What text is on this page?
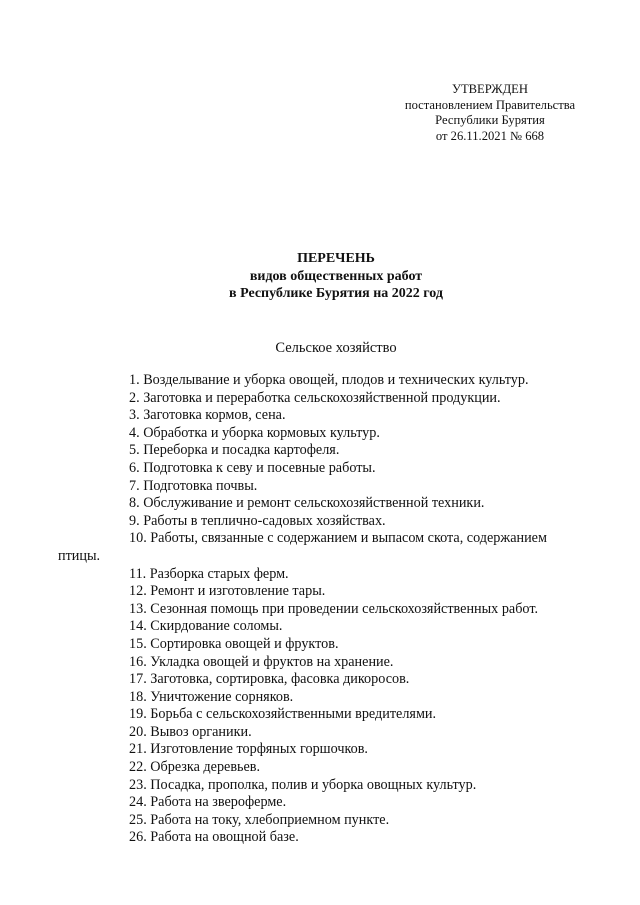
УТВЕРЖДЕН
постановлением Правительства
Республики Бурятия
от 26.11.2021 № 668
ПЕРЕЧЕНЬ
видов общественных работ
в Республике Бурятия на 2022 год
Сельское хозяйство

1. Возделывание и уборка овощей, плодов и технических культур.

2. Заготовка и переработка сельскохозяйственной продукции.

3. Заготовка кормов, сена.

4. Обработка и уборка кормовых культур.

5. Переборка и посадка картофеля.

6. Подготовка к севу и посевные работы.

7. Подготовка почвы.

8. Обслуживание и ремонт сельскохозяйственной техники.

9. Работы в теплично-садовых хозяйствах.

10. Работы, связанные с содержанием и выпасом скота, содержанием птицы.

11. Разборка старых ферм.

12. Ремонт и изготовление тары.

13. Сезонная помощь при проведении сельскохозяйственных работ.

14. Скирдование соломы.

15. Сортировка овощей и фруктов.

16. Укладка овощей и фруктов на хранение.

17. Заготовка, сортировка, фасовка дикоросов.

18. Уничтожение сорняков.

19. Борьба с сельскохозяйственными вредителями.

20. Вывоз органики.

21. Изготовление торфяных горшочков.

22. Обрезка деревьев.

23. Посадка, прополка, полив и уборка овощных культур.

24. Работа на зверофермe.

25. Работа на току, хлебоприемном пункте.

26. Работа на овощной базе.
